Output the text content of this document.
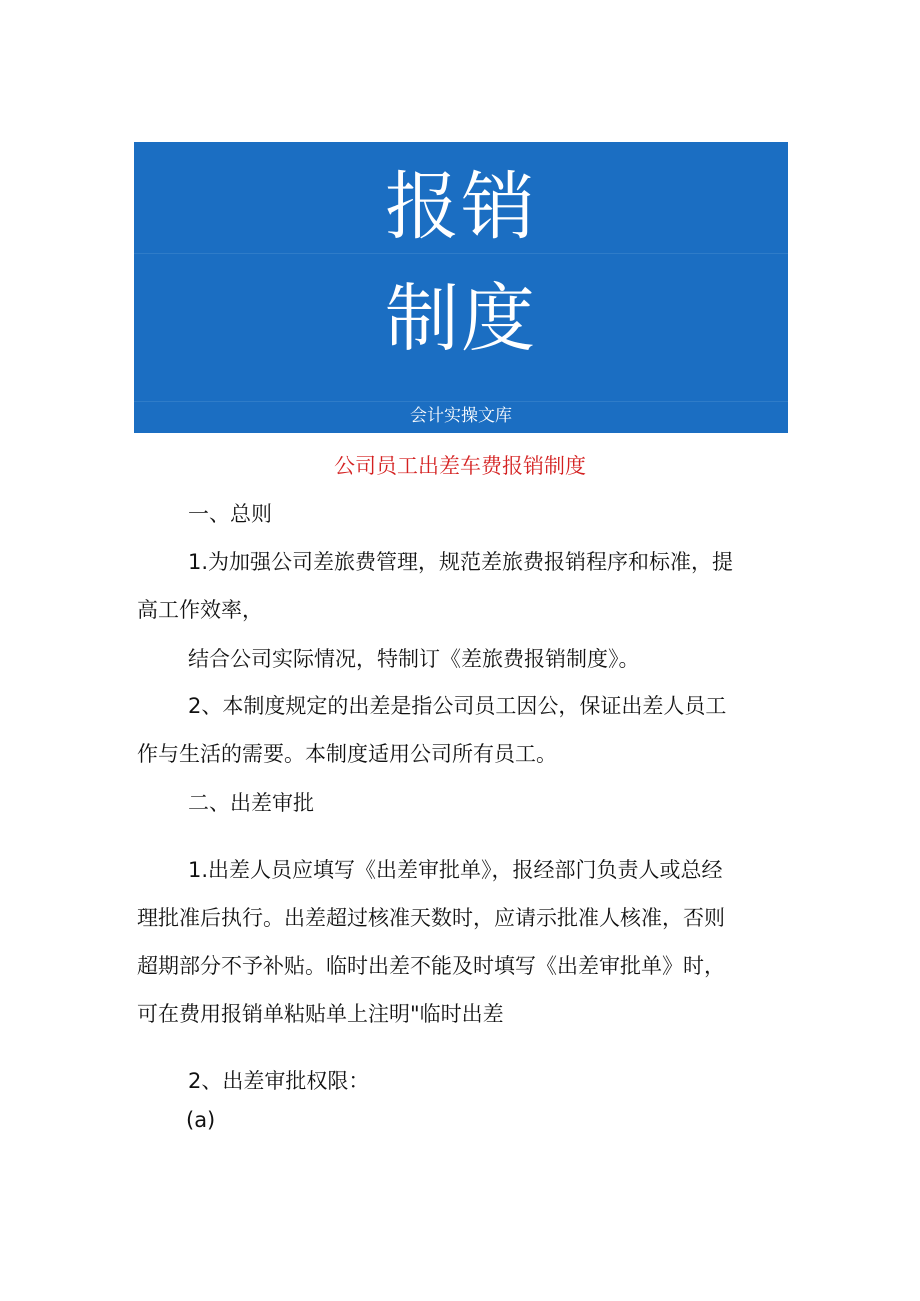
报销
制度
会计实操文库
公司员工出差车费报销制度
一、总则
1.为加强公司差旅费管理，规范差旅费报销程序和标准，提
高工作效率，
结合公司实际情况，特制订《差旅费报销制度》。
2、本制度规定的出差是指公司员工因公，保证出差人员工
作与生活的需要。本制度适用公司所有员工。
二、出差审批
1.出差人员应填写《出差审批单》，报经部门负责人或总经
理批准后执行。出差超过核准天数时，应请示批准人核准，否则
超期部分不予补贴。临时出差不能及时填写《出差审批单》时，
可在费用报销单粘贴单上注明"临时出差
2、出差审批权限：
(a)
